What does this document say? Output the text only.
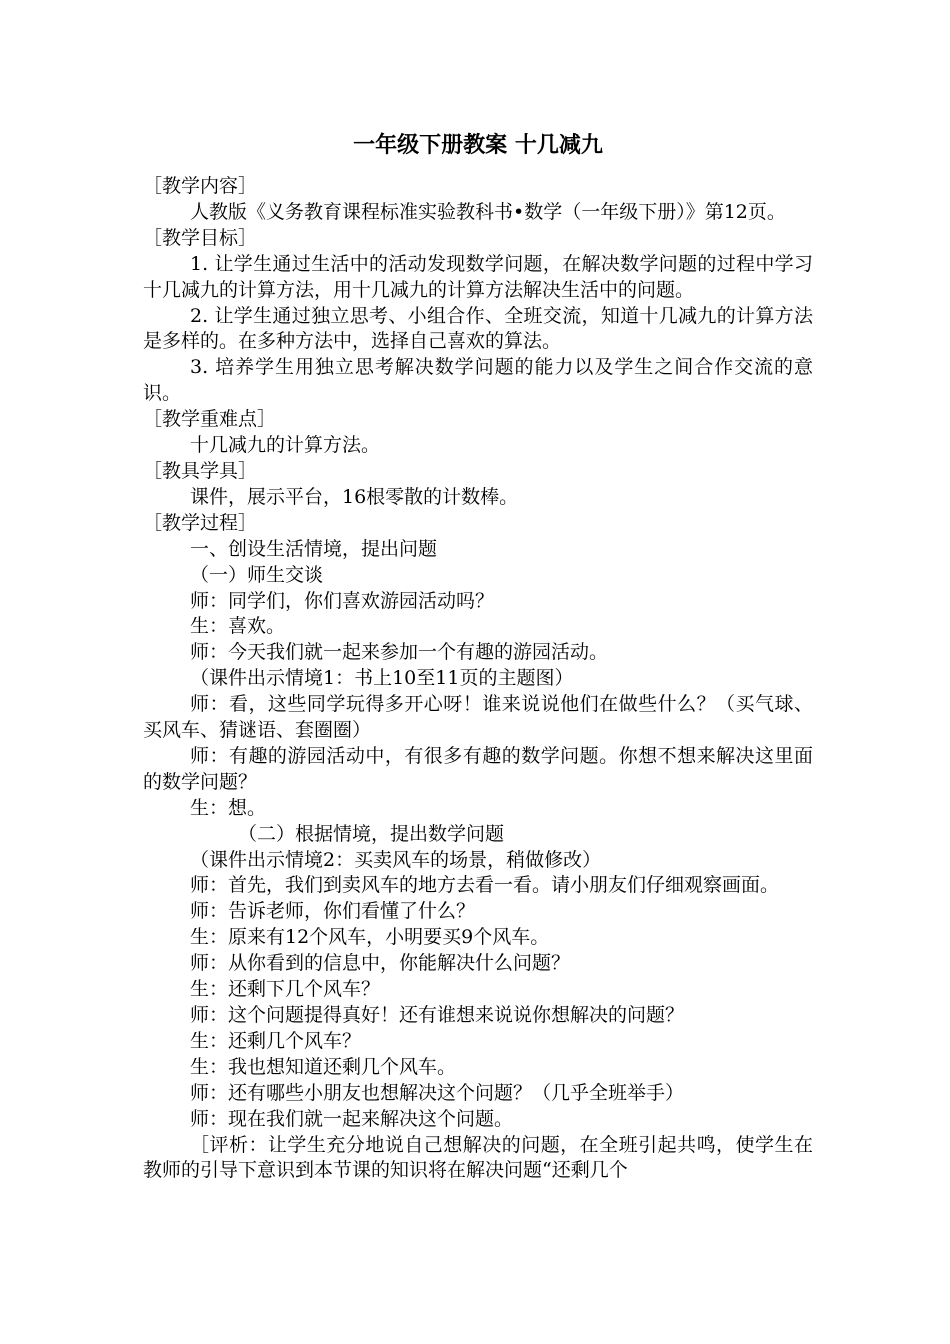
一年级下册教案 十几减九

［教学内容］

人教版《义务教育课程标准实验教科书•数学（一年级下册）》第12页。

［教学目标］

1. 让学生通过生活中的活动发现数学问题，在解决数学问题的过程中学习十几减九的计算方法，用十几减九的计算方法解决生活中的问题。

2. 让学生通过独立思考、小组合作、全班交流，知道十几减九的计算方法是多样的。在多种方法中，选择自己喜欢的算法。

3. 培养学生用独立思考解决数学问题的能力以及学生之间合作交流的意识。

［教学重难点］

十几减九的计算方法。

［教具学具］

课件，展示平台，16根零散的计数棒。

［教学过程］

一、创设生活情境，提出问题

（一）师生交谈

师：同学们，你们喜欢游园活动吗？

生：喜欢。

师：今天我们就一起来参加一个有趣的游园活动。

（课件出示情境1：书上10至11页的主题图）

师：看，这些同学玩得多开心呀！谁来说说他们在做些什么？（买气球、买风车、猜谜语、套圈圈）

师：有趣的游园活动中，有很多有趣的数学问题。你想不想来解决这里面的数学问题？

生：想。

（二）根据情境，提出数学问题

（课件出示情境2：买卖风车的场景，稍做修改）

师：首先，我们到卖风车的地方去看一看。请小朋友们仔细观察画面。

师：告诉老师，你们看懂了什么？

生：原来有12个风车，小明要买9个风车。

师：从你看到的信息中，你能解决什么问题？

生：还剩下几个风车？

师：这个问题提得真好！还有谁想来说说你想解决的问题？

生：还剩几个风车？

生：我也想知道还剩几个风车。

师：还有哪些小朋友也想解决这个问题？（几乎全班举手）

师：现在我们就一起来解决这个问题。

［评析：让学生充分地说自己想解决的问题，在全班引起共鸣，使学生在教师的引导下意识到本节课的知识将在解决问题“还剩几个
